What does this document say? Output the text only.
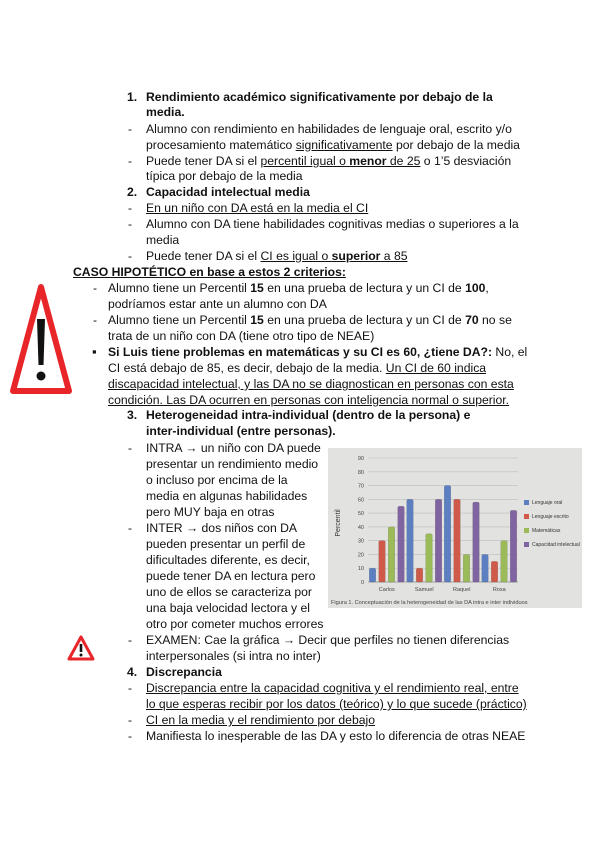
1. Rendimiento académico significativamente por debajo de la
media.
- Alumno con rendimiento en habilidades de lenguaje oral, escrito y/o
procesamiento matemático significativamente por debajo de la media
- Puede tener DA si el percentil igual o menor de 25 o 1’5 desviación
típica por debajo de la media
2. Capacidad intelectual media
- En un niño con DA está en la media el CI
- Alumno con DA tiene habilidades cognitivas medias o superiores a la
media
- Puede tener DA si el CI es igual o superior a 85
CASO HIPOTÉTICO en base a estos 2 criterios:
- Alumno tiene un Percentil 15 en una prueba de lectura y un CI de 100,
podríamos estar ante un alumno con DA
- Alumno tiene un Percentil 15 en una prueba de lectura y un CI de 70 no se
trata de un niño con DA (tiene otro tipo de NEAE)
▪ Si Luis tiene problemas en matemáticas y su CI es 60, ¿tiene DA?: No, el
CI está debajo de 85, es decir, debajo de la media. Un CI de 60 indica
discapacidad intelectual, y las DA no se diagnostican en personas con esta
condición. Las DA ocurren en personas con inteligencia normal o superior.
3. Heterogeneidad intra-individual (dentro de la persona) e
inter-individual (entre personas).
- INTRA → un niño con DA puede
presentar un rendimiento medio
o incluso por encima de la
media en algunas habilidades
pero MUY baja en otras
- INTER → dos niños con DA
pueden presentar un perfil de
dificultades diferente, es decir,
puede tener DA en lectura pero
uno de ellos se caracteriza por
una baja velocidad lectora y el
otro por cometer muchos errores
- EXAMEN: Cae la gráfica → Decir que perfiles no tienen diferencias
interpersonales (si intra no inter)
0
10
20
30
40
50
60
70
80
90
Carlos	Samuel	Raquel	Rosa
Lenguaje oral
Lenguaje escrito
Matemáticas
Capacidad intelectual
Percentil
Figura 1. Conceptuación de la heterogeneidad de las DA intra e inter individuos
4. Discrepancia
- Discrepancia entre la capacidad cognitiva y el rendimiento real, entre
lo que esperas recibir por los datos (teórico) y lo que sucede (práctico)
- CI en la media y el rendimiento por debajo
- Manifiesta lo inesperable de las DA y esto lo diferencia de otras NEAE
